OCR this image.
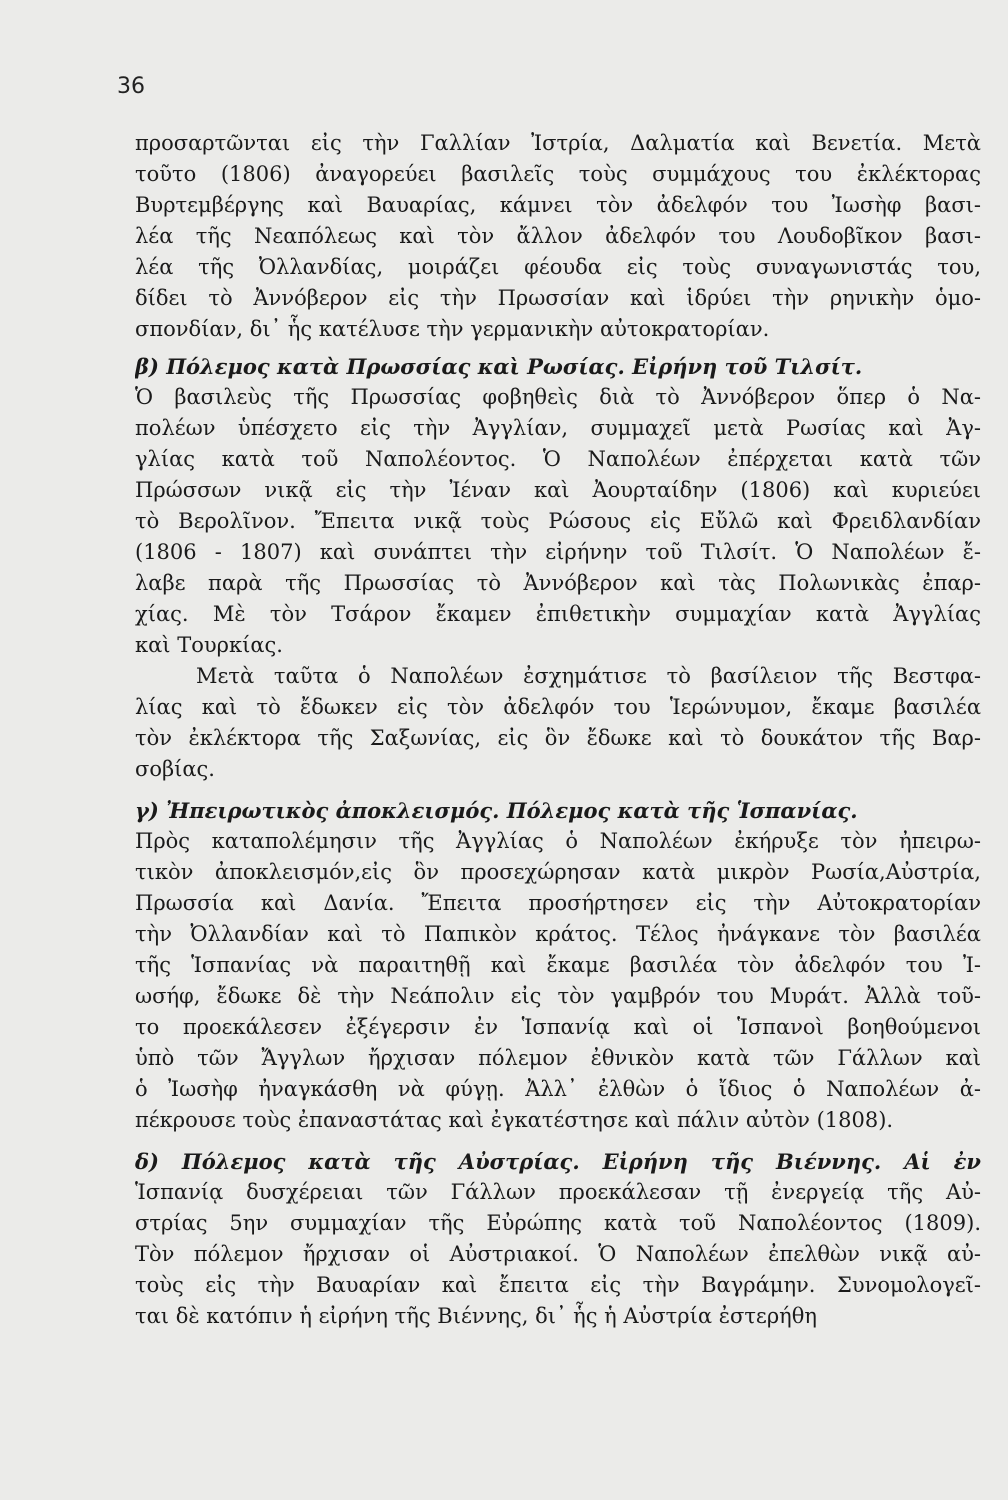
36
προσαρτῶνται εἰς τὴν Γαλλίαν Ἰστρία, Δαλματία καὶ Βενετία. Μετὰ
τοῦτο (1806) ἀναγορεύει βασιλεῖς τοὺς συμμάχους του ἐκλέκτορας
Βυρτεμβέργης καὶ Βαυαρίας, κάμνει τὸν ἀδελφόν του Ἰωσὴφ βασι-
λέα τῆς Νεαπόλεως καὶ τὸν ἄλλον ἀδελφόν του Λουδοβῖκον βασι-
λέα τῆς Ὀλλανδίας, μοιράζει φέουδα εἰς τοὺς συναγωνιστάς του,
δίδει τὸ Ἀννόβερον εἰς τὴν Πρωσσίαν καὶ ἱδρύει τὴν ρηνικὴν ὁμο-
σπονδίαν, δι᾿ ἧς κατέλυσε τὴν γερμανικὴν αὐτοκρατορίαν.
β) Πόλεμος κατὰ Πρωσσίας καὶ Ρωσίας. Εἰρήνη τοῦ Τιλσίτ.
Ὁ βασιλεὺς τῆς Πρωσσίας φοβηθεὶς διὰ τὸ Ἀννόβερον ὅπερ ὁ Να-
πολέων ὑπέσχετο εἰς τὴν Ἀγγλίαν, συμμαχεῖ μετὰ Ρωσίας καὶ Ἀγ-
γλίας κατὰ τοῦ Ναπολέοντος. Ὁ Ναπολέων ἐπέρχεται κατὰ τῶν
Πρώσσων νικᾷ εἰς τὴν Ἰέναν καὶ Ἀουρταίδην (1806) καὶ κυριεύει
τὸ Βερολῖνον. Ἔπειτα νικᾷ τοὺς Ρώσους εἰς Εὔλῶ καὶ Φρειδλανδίαν
(1806 - 1807) καὶ συνάπτει τὴν εἰρήνην τοῦ Τιλσίτ. Ὁ Ναπολέων ἔ-
λαβε παρὰ τῆς Πρωσσίας τὸ Ἀννόβερον καὶ τὰς Πολωνικὰς ἐπαρ-
χίας. Μὲ τὸν Τσάρον ἔκαμεν ἐπιθετικὴν συμμαχίαν κατὰ Ἀγγλίας
καὶ Τουρκίας.
Μετὰ ταῦτα ὁ Ναπολέων ἐσχημάτισε τὸ βασίλειον τῆς Βεστφα-
λίας καὶ τὸ ἔδωκεν εἰς τὸν ἀδελφόν του Ἱερώνυμον, ἔκαμε βασιλέα
τὸν ἐκλέκτορα τῆς Σαξωνίας, εἰς ὃν ἔδωκε καὶ τὸ δουκάτον τῆς Βαρ-
σοβίας.
γ) Ἠπειρωτικὸς ἀποκλεισμός. Πόλεμος κατὰ τῆς Ἱσπανίας.
Πρὸς καταπολέμησιν τῆς Ἀγγλίας ὁ Ναπολέων ἐκήρυξε τὸν ἠπειρω-
τικὸν ἀποκλεισμόν,εἰς ὃν προσεχώρησαν κατὰ μικρὸν Ρωσία,Αὐστρία,
Πρωσσία καὶ Δανία. Ἔπειτα προσήρτησεν εἰς τὴν Αὐτοκρατορίαν
τὴν Ὀλλανδίαν καὶ τὸ Παπικὸν κράτος. Τέλος ἠνάγκανε τὸν βασιλέα
τῆς Ἱσπανίας νὰ παραιτηθῇ καὶ ἔκαμε βασιλέα τὸν ἀδελφόν του Ἰ-
ωσήφ, ἔδωκε δὲ τὴν Νεάπολιν εἰς τὸν γαμβρόν του Μυράτ. Ἀλλὰ τοῦ-
το προεκάλεσεν ἐξέγερσιν ἐν Ἱσπανίᾳ καὶ οἱ Ἱσπανοὶ βοηθούμενοι
ὑπὸ τῶν Ἄγγλων ἤρχισαν πόλεμον ἐθνικὸν κατὰ τῶν Γάλλων καὶ
ὁ Ἰωσὴφ ἠναγκάσθη νὰ φύγῃ. Ἀλλ᾿ ἐλθὼν ὁ ἴδιος ὁ Ναπολέων ἀ-
πέκρουσε τοὺς ἐπαναστάτας καὶ ἐγκατέστησε καὶ πάλιν αὐτὸν (1808).
δ) Πόλεμος κατὰ τῆς Αὐστρίας. Εἰρήνη τῆς Βιέννης. Αἱ ἐν
Ἱσπανίᾳ δυσχέρειαι τῶν Γάλλων προεκάλεσαν τῇ ἐνεργείᾳ τῆς Αὐ-
στρίας 5ην συμμαχίαν τῆς Εὐρώπης κατὰ τοῦ Ναπολέοντος (1809).
Τὸν πόλεμον ἤρχισαν οἱ Αὐστριακοί. Ὁ Ναπολέων ἐπελθὼν νικᾷ αὐ-
τοὺς εἰς τὴν Βαυαρίαν καὶ ἔπειτα εἰς τὴν Βαγράμην. Συνομολογεῖ-
ται δὲ κατόπιν ἡ εἰρήνη τῆς Βιέννης, δι᾿ ἧς ἡ Αὐστρία ἐστερήθη
